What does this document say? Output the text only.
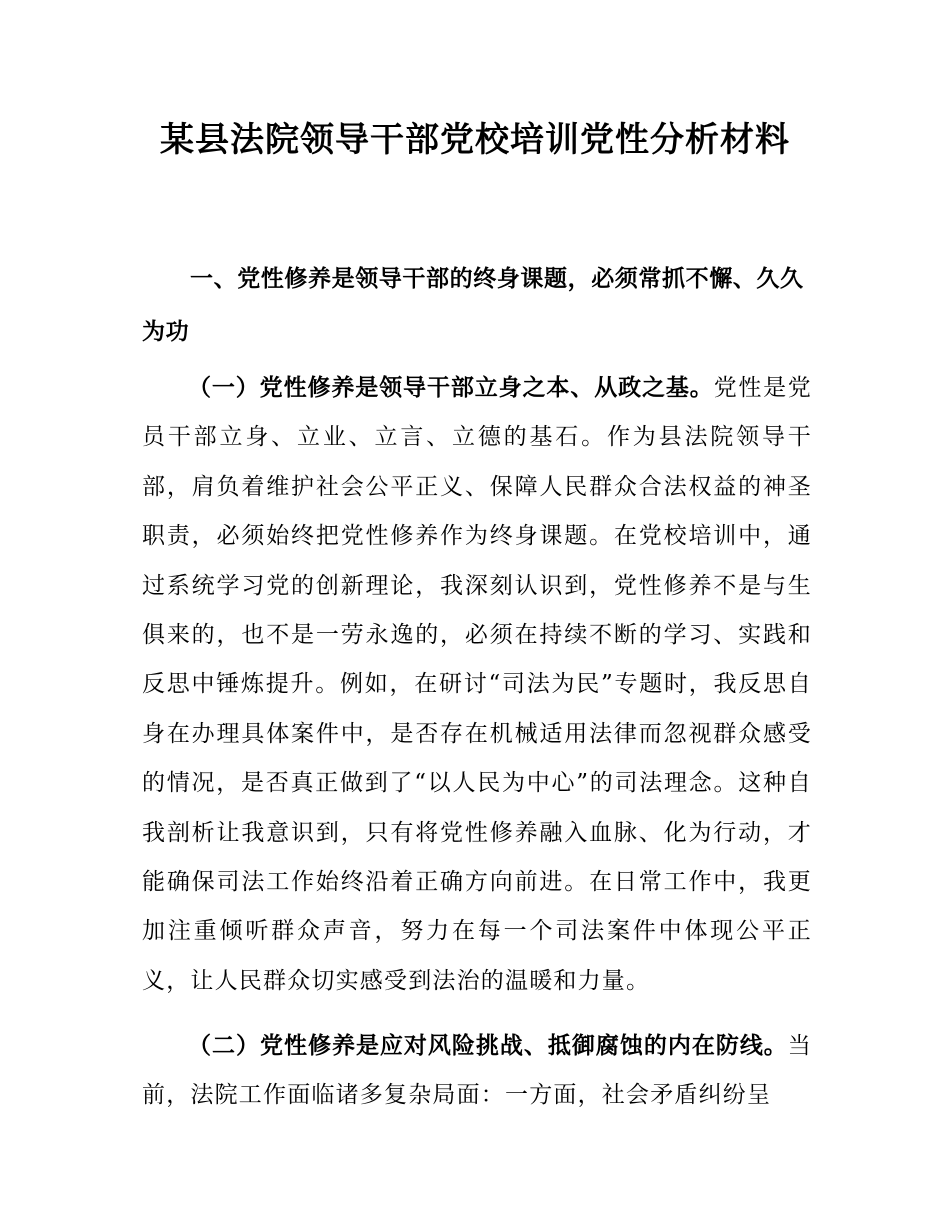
某县法院领导干部党校培训党性分析材料
一、党性修养是领导干部的终身课题，必须常抓不懈、久久为功

（一）党性修养是领导干部立身之本、从政之基。党性是党员干部立身、立业、立言、立德的基石。作为县法院领导干部，肩负着维护社会公平正义、保障人民群众合法权益的神圣职责，必须始终把党性修养作为终身课题。在党校培训中，通过系统学习党的创新理论，我深刻认识到，党性修养不是与生俱来的，也不是一劳永逸的，必须在持续不断的学习、实践和反思中锤炼提升。例如，在研讨“司法为民”专题时，我反思自身在办理具体案件中，是否存在机械适用法律而忽视群众感受的情况，是否真正做到了“以人民为中心”的司法理念。这种自我剖析让我意识到，只有将党性修养融入血脉、化为行动，才能确保司法工作始终沿着正确方向前进。在日常工作中，我更加注重倾听群众声音，努力在每一个司法案件中体现公平正义，让人民群众切实感受到法治的温暖和力量。

（二）党性修养是应对风险挑战、抵御腐蚀的内在防线。当前，法院工作面临诸多复杂局面：一方面，社会矛盾纠纷呈
